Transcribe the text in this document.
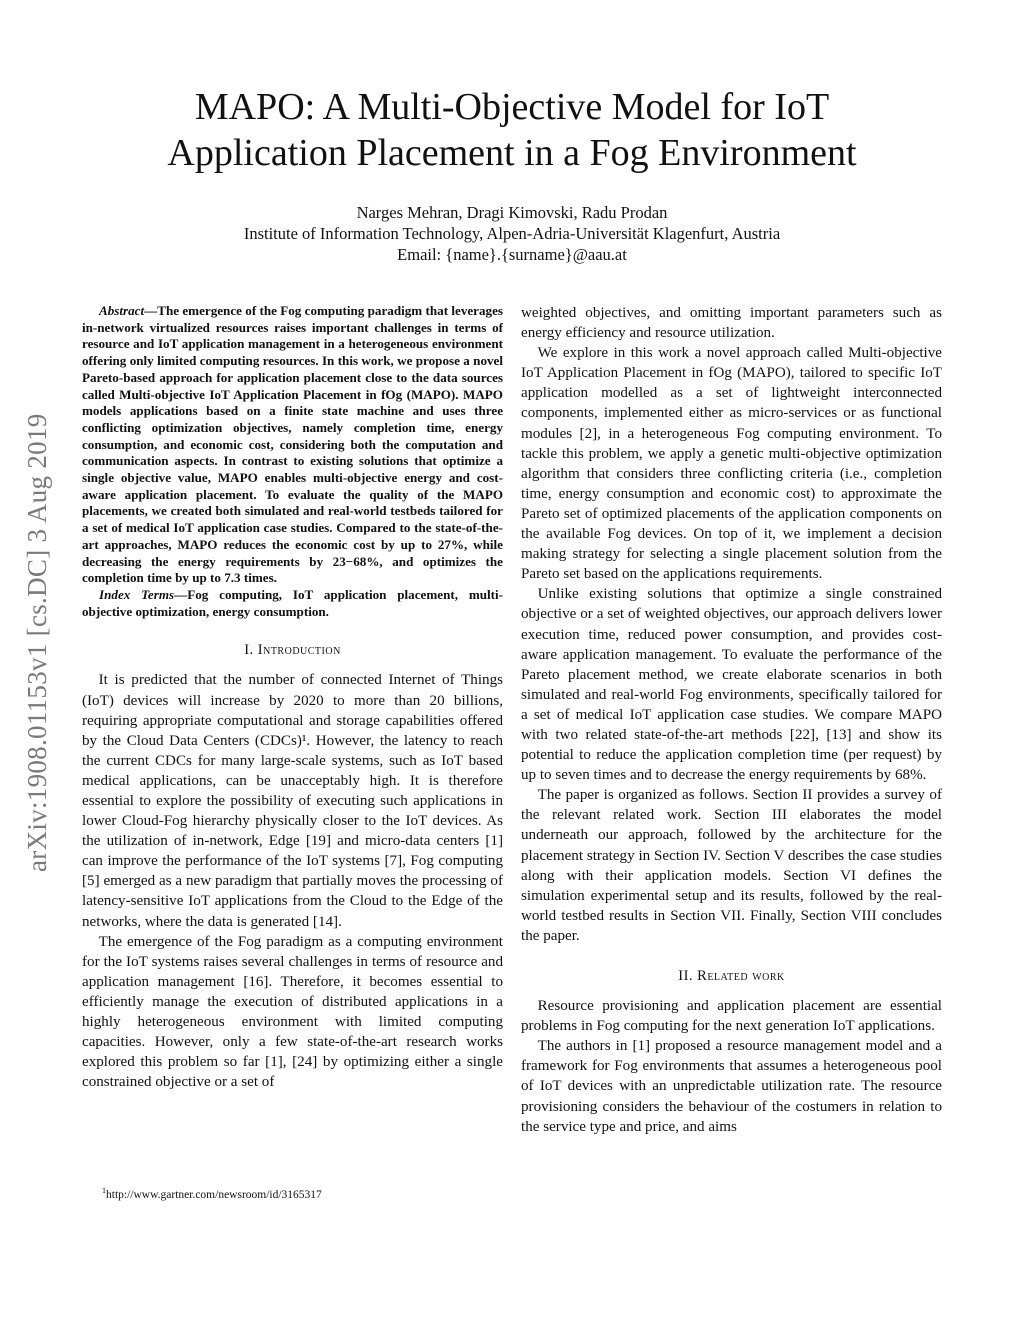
arXiv:1908.01153v1 [cs.DC] 3 Aug 2019
MAPO: A Multi-Objective Model for IoT
Application Placement in a Fog Environment
Narges Mehran, Dragi Kimovski, Radu Prodan
Institute of Information Technology, Alpen-Adria-Universität Klagenfurt, Austria
Email: {name}.{surname}@aau.at

Abstract—The emergence of the Fog computing paradigm that leverages in-network virtualized resources raises important challenges in terms of resource and IoT application management in a heterogeneous environment offering only limited computing resources. In this work, we propose a novel Pareto-based approach for application placement close to the data sources called Multi-objective IoT Application Placement in fOg (MAPO). MAPO models applications based on a finite state machine and uses three conflicting optimization objectives, namely completion time, energy consumption, and economic cost, considering both the computation and communication aspects. In contrast to existing solutions that optimize a single objective value, MAPO enables multi-objective energy and cost-aware application placement. To evaluate the quality of the MAPO placements, we created both simulated and real-world testbeds tailored for a set of medical IoT application case studies. Compared to the state-of-the-art approaches, MAPO reduces the economic cost by up to 27%, while decreasing the energy requirements by 23−68%, and optimizes the completion time by up to 7.3 times.

Index Terms—Fog computing, IoT application placement, multi-objective optimization, energy consumption.

I. Introduction

It is predicted that the number of connected Internet of Things (IoT) devices will increase by 2020 to more than 20 billions, requiring appropriate computational and storage capabilities offered by the Cloud Data Centers (CDCs)¹. However, the latency to reach the current CDCs for many large-scale systems, such as IoT based medical applications, can be unacceptably high. It is therefore essential to explore the possibility of executing such applications in lower Cloud-Fog hierarchy physically closer to the IoT devices. As the utilization of in-network, Edge [19] and micro-data centers [1] can improve the performance of the IoT systems [7], Fog computing [5] emerged as a new paradigm that partially moves the processing of latency-sensitive IoT applications from the Cloud to the Edge of the networks, where the data is generated [14].

The emergence of the Fog paradigm as a computing environment for the IoT systems raises several challenges in terms of resource and application management [16]. Therefore, it becomes essential to efficiently manage the execution of distributed applications in a highly heterogeneous environment with limited computing capacities. However, only a few state-of-the-art research works explored this problem so far [1], [24] by optimizing either a single constrained objective or a set of

weighted objectives, and omitting important parameters such as energy efficiency and resource utilization.

We explore in this work a novel approach called Multi-objective IoT Application Placement in fOg (MAPO), tailored to specific IoT application modelled as a set of lightweight interconnected components, implemented either as micro-services or as functional modules [2], in a heterogeneous Fog computing environment. To tackle this problem, we apply a genetic multi-objective optimization algorithm that considers three conflicting criteria (i.e., completion time, energy consumption and economic cost) to approximate the Pareto set of optimized placements of the application components on the available Fog devices. On top of it, we implement a decision making strategy for selecting a single placement solution from the Pareto set based on the applications requirements.

Unlike existing solutions that optimize a single constrained objective or a set of weighted objectives, our approach delivers lower execution time, reduced power consumption, and provides cost-aware application management. To evaluate the performance of the Pareto placement method, we create elaborate scenarios in both simulated and real-world Fog environments, specifically tailored for a set of medical IoT application case studies. We compare MAPO with two related state-of-the-art methods [22], [13] and show its potential to reduce the application completion time (per request) by up to seven times and to decrease the energy requirements by 68%.

The paper is organized as follows. Section II provides a survey of the relevant related work. Section III elaborates the model underneath our approach, followed by the architecture for the placement strategy in Section IV. Section V describes the case studies along with their application models. Section VI defines the simulation experimental setup and its results, followed by the real-world testbed results in Section VII. Finally, Section VIII concludes the paper.

II. Related work

Resource provisioning and application placement are essential problems in Fog computing for the next generation IoT applications.

The authors in [1] proposed a resource management model and a framework for Fog environments that assumes a heterogeneous pool of IoT devices with an unpredictable utilization rate. The resource provisioning considers the behaviour of the costumers in relation to the service type and price, and aims

$^1$http://www.gartner.com/newsroom/id/3165317
